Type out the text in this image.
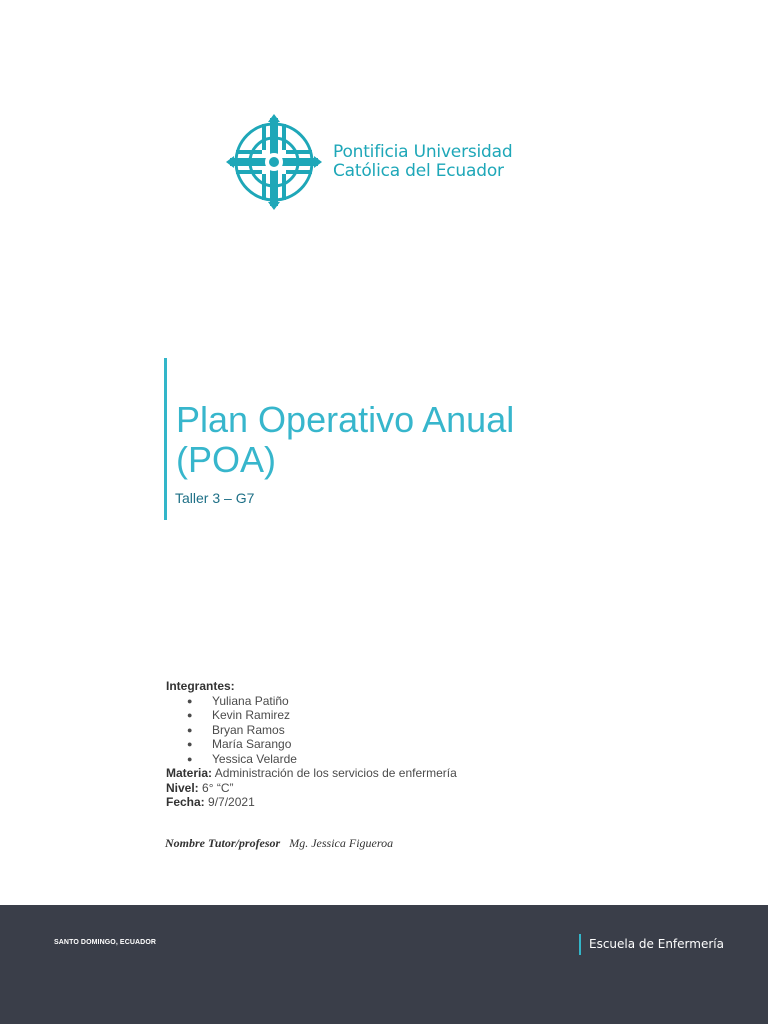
Pontificia Universidad
Católica del Ecuador
Plan Operativo Anual
(POA)
Taller 3 – G7
Integrantes:
● Yuliana Patiño
● Kevin Ramirez
● Bryan Ramos
● María Sarango
● Yessica Velarde
Materia: Administración de los servicios de enfermería
Nivel: 6° “C”
Fecha: 9/7/2021
Nombre Tutor/profesor Mg. Jessica Figueroa
SANTO DOMINGO, ECUADOR	Escuela de Enfermería
